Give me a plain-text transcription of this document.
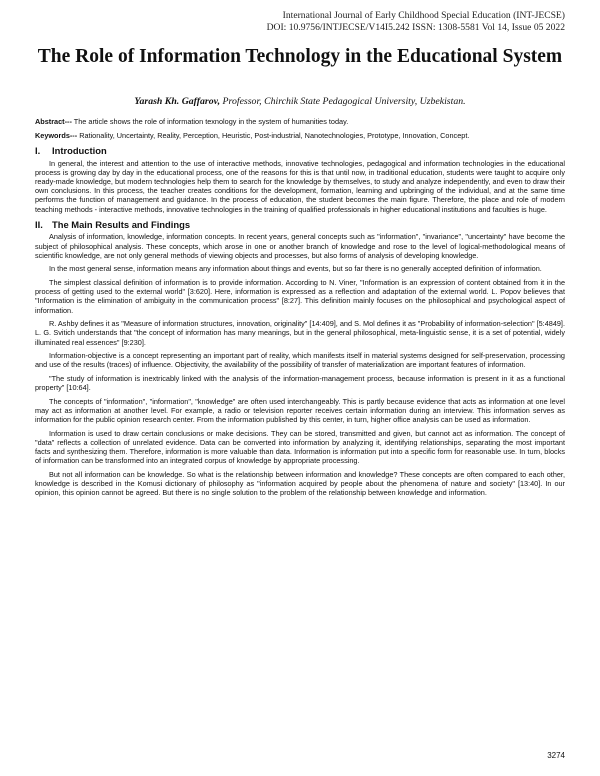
International Journal of Early Childhood Special Education (INT-JECSE)
DOI: 10.9756/INTJECSE/V14I5.242 ISSN: 1308-5581 Vol 14, Issue 05 2022
The Role of Information Technology in the Educational System
Yarash Kh. Gaffarov, Professor, Chirchik State Pedagogical University, Uzbekistan.

Abstract--- The article shows the role of information texnology in the system of humanities today.

Keywords--- Rationality, Uncertainty, Reality, Perception, Heuristic, Post-industrial, Nanotechnologies, Prototype, Innovation, Concept.

I. Introduction

In general, the interest and attention to the use of interactive methods, innovative technologies, pedagogical and information technologies in the educational process is growing day by day in the educational process, one of the reasons for this is that until now, in traditional education, students were taught to acquire only ready-made knowledge, but modern technologies help them to search for the knowledge by themselves, to study and analyze independently, and even to draw their own conclusions. In this process, the teacher creates conditions for the development, formation, learning and upbringing of the individual, and at the same time performs the function of management and guidance. In the process of education, the student becomes the main figure. Therefore, the place and role of modern teaching methods - interactive methods, innovative technologies in the training of qualified professionals in higher educational institutions and faculties is huge.

II. The Main Results and Findings

Analysis of information, knowledge, information concepts. In recent years, general concepts such as "information", "invariance", "uncertainty" have become the subject of philosophical analysis. These concepts, which arose in one or another branch of knowledge and rose to the level of logical-methodological means of scientific knowledge, are not only general methods of viewing objects and processes, but also forms of analysis of developing knowledge.

In the most general sense, information means any information about things and events, but so far there is no generally accepted definition of information.

The simplest classical definition of information is to provide information. According to N. Viner, "Information is an expression of content obtained from it in the process of getting used to the external world" [3:620]. Here, information is expressed as a reflection and adaptation of the external world. L. Popov believes that "Information is the elimination of ambiguity in the communication process" [8:27]. This definition mainly focuses on the philosophical and psychological aspect of information.

R. Ashby defines it as "Measure of information structures, innovation, originality" [14:409], and S. Mol defines it as "Probability of information-selection" [5:4849]. L. G. Svitich understands that "the concept of information has many meanings, but in the general philosophical, meta-linguistic sense, it is a set of potential, widely illuminated real essences" [9:230].

Information-objective is a concept representing an important part of reality, which manifests itself in material systems designed for self-preservation, processing and use of the results (traces) of influence. Objectivity, the availability of the possibility of transfer of materialization are important features of information.

"The study of information is inextricably linked with the analysis of the information-management process, because information is present in it as a functional property" [10:64].

The concepts of "information", "information", "knowledge" are often used interchangeably. This is partly because evidence that acts as information at one level may act as information at another level. For example, a radio or television reporter receives certain information during an interview. This information serves as information for the public opinion research center. From the information published by this center, in turn, higher office analysis can be used as information.

Information is used to draw certain conclusions or make decisions. They can be stored, transmitted and given, but cannot act as information. The concept of "data" reflects a collection of unrelated evidence. Data can be converted into information by analyzing it, identifying relationships, separating the most important facts and synthesizing them. Therefore, information is more valuable than data. Information is information put into a specific form for reasonable use. In turn, blocks of information can be transformed into an integrated corpus of knowledge by appropriate processing.

But not all information can be knowledge. So what is the relationship between information and knowledge? These concepts are often compared to each other, knowledge is described in the Komusi dictionary of philosophy as "information acquired by people about the phenomena of nature and society" [13:40]. In our opinion, this opinion cannot be agreed. But there is no single solution to the problem of the relationship between knowledge and information.

3274
